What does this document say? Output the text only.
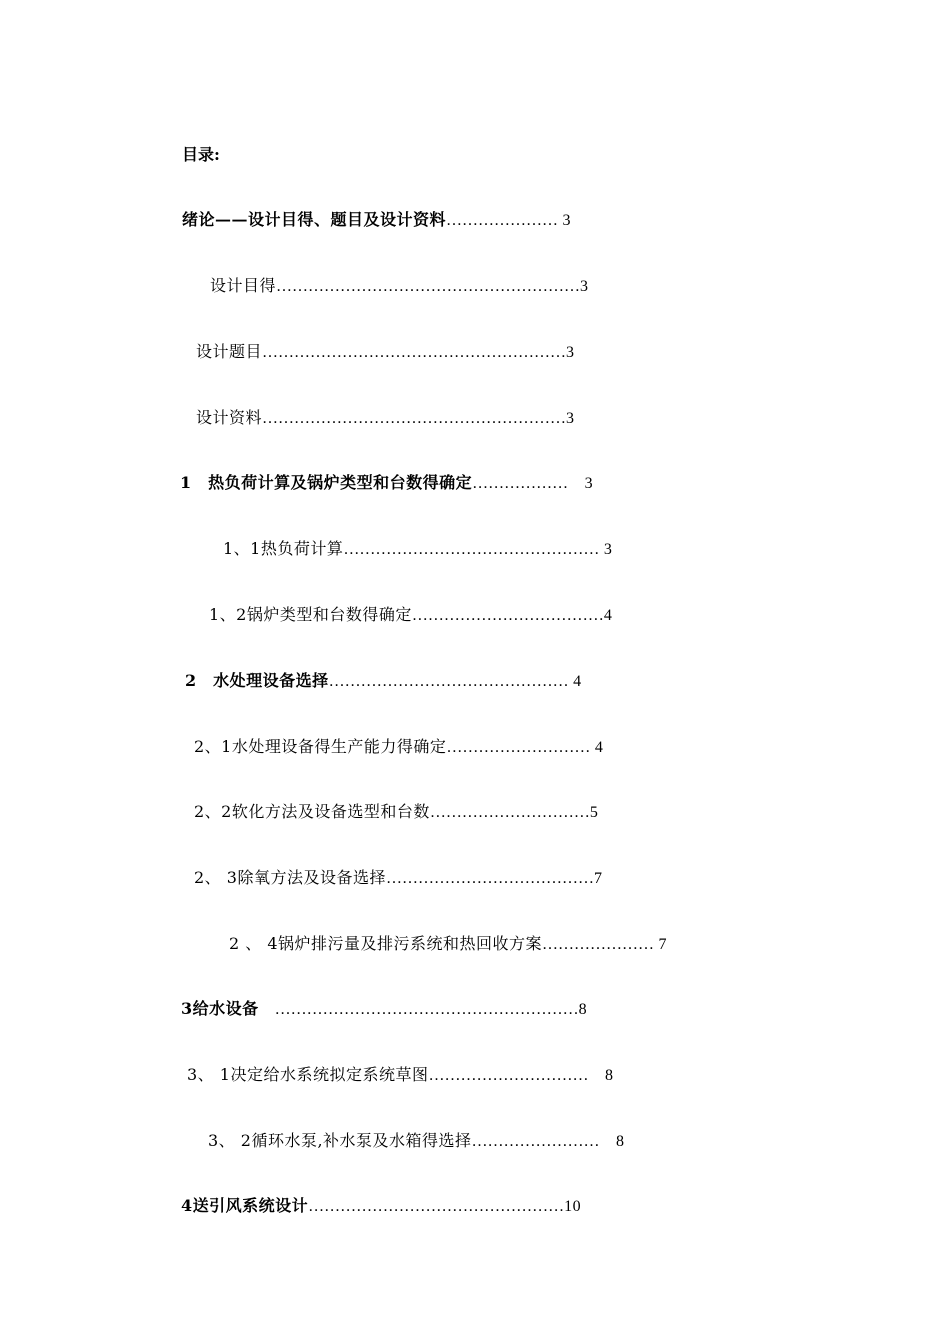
目录:
绪论——设计目得、题目及设计资料………………… 3
设计目得…………………………………………………3
设计题目…………………………………………………3
设计资料…………………………………………………3
1　热负荷计算及锅炉类型和台数得确定………………　3
1、1热负荷计算………………………………………… 3
1、2锅炉类型和台数得确定………………………………4
2　水处理设备选择……………………………………… 4
2、1水处理设备得生产能力得确定……………………… 4
2、2软化方法及设备选型和台数…………………………5
2、 3除氧方法及设备选择…………………………………7
2 、 4锅炉排污量及排污系统和热回收方案………………… 7
3给水设备　…………………………………………………8
3、 1决定给水系统拟定系统草图…………………………　8
3、 2循环水泵,补水泵及水箱得选择……………………　8
4送引风系统设计…………………………………………10
